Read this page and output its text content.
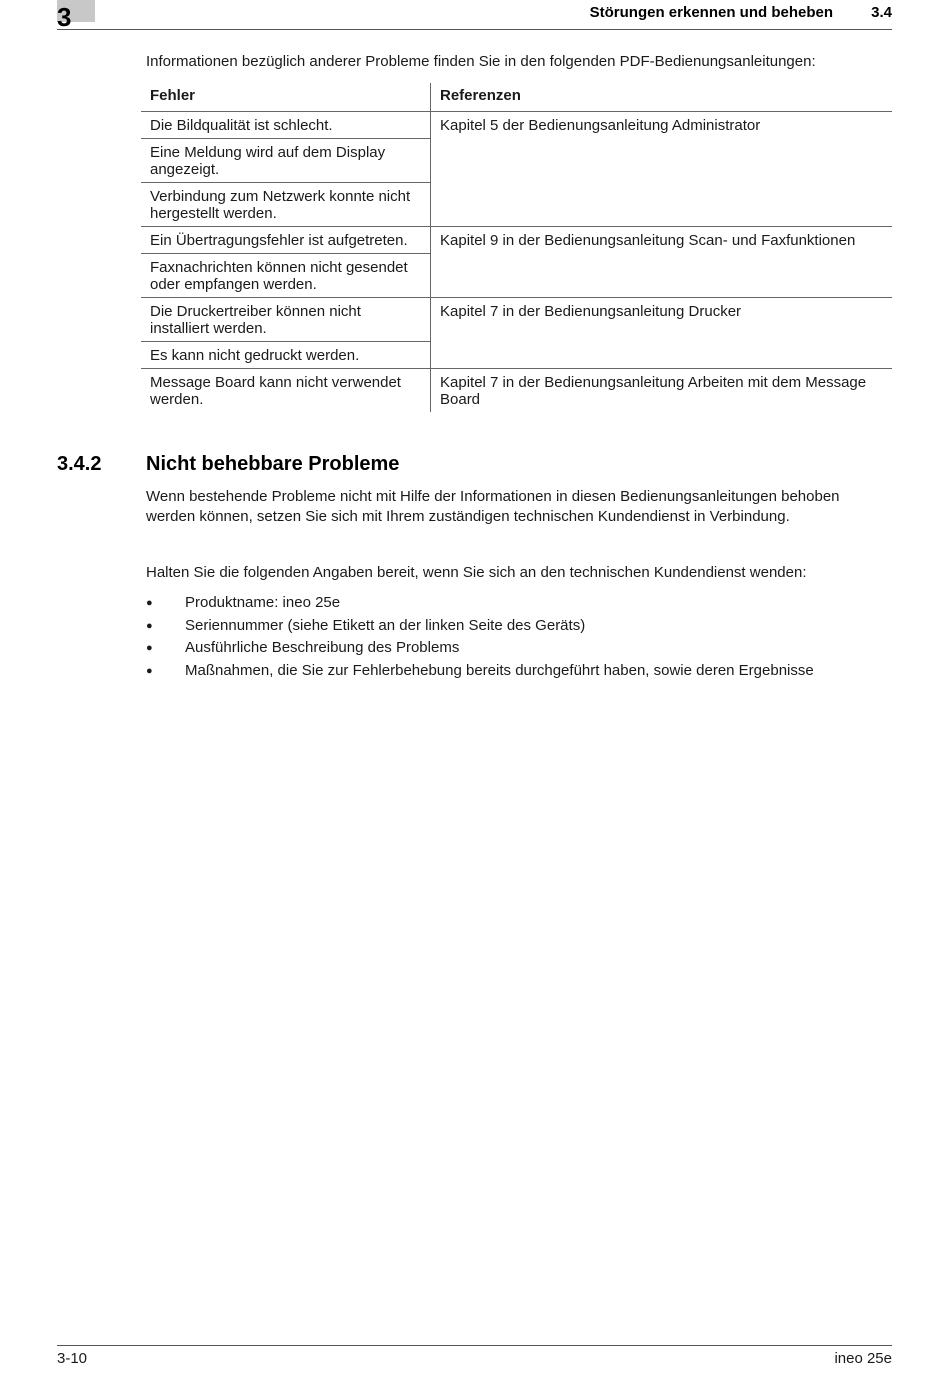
3	Störungen erkennen und beheben	3.4
Informationen bezüglich anderer Probleme finden Sie in den folgenden PDF-Bedienungsanleitungen:
Fehler	Referenzen
Die Bildqualität ist schlecht.	Kapitel 5 der Bedienungsanleitung Administrator
Eine Meldung wird auf dem Display angezeigt.	
Verbindung zum Netzwerk konnte nicht hergestellt werden.	
Ein Übertragungsfehler ist aufgetreten.	Kapitel 9 in der Bedienungsanleitung Scan- und Faxfunktionen
Faxnachrichten können nicht gesendet oder empfangen werden.	
Die Druckertreiber können nicht installiert werden.	Kapitel 7 in der Bedienungsanleitung Drucker
Es kann nicht gedruckt werden.	
Message Board kann nicht verwendet werden.	Kapitel 7 in der Bedienungsanleitung Arbeiten mit dem Message Board
3.4.2 Nicht behebbare Probleme
Wenn bestehende Probleme nicht mit Hilfe der Informationen in diesen Bedienungsanleitungen behoben werden können, setzen Sie sich mit Ihrem zuständigen technischen Kundendienst in Verbindung.
Halten Sie die folgenden Angaben bereit, wenn Sie sich an den technischen Kundendienst wenden:
● Produktname: ineo 25e
● Seriennummer (siehe Etikett an der linken Seite des Geräts)
● Ausführliche Beschreibung des Problems
● Maßnahmen, die Sie zur Fehlerbehebung bereits durchgeführt haben, sowie deren Ergebnisse
3-10	ineo 25e
